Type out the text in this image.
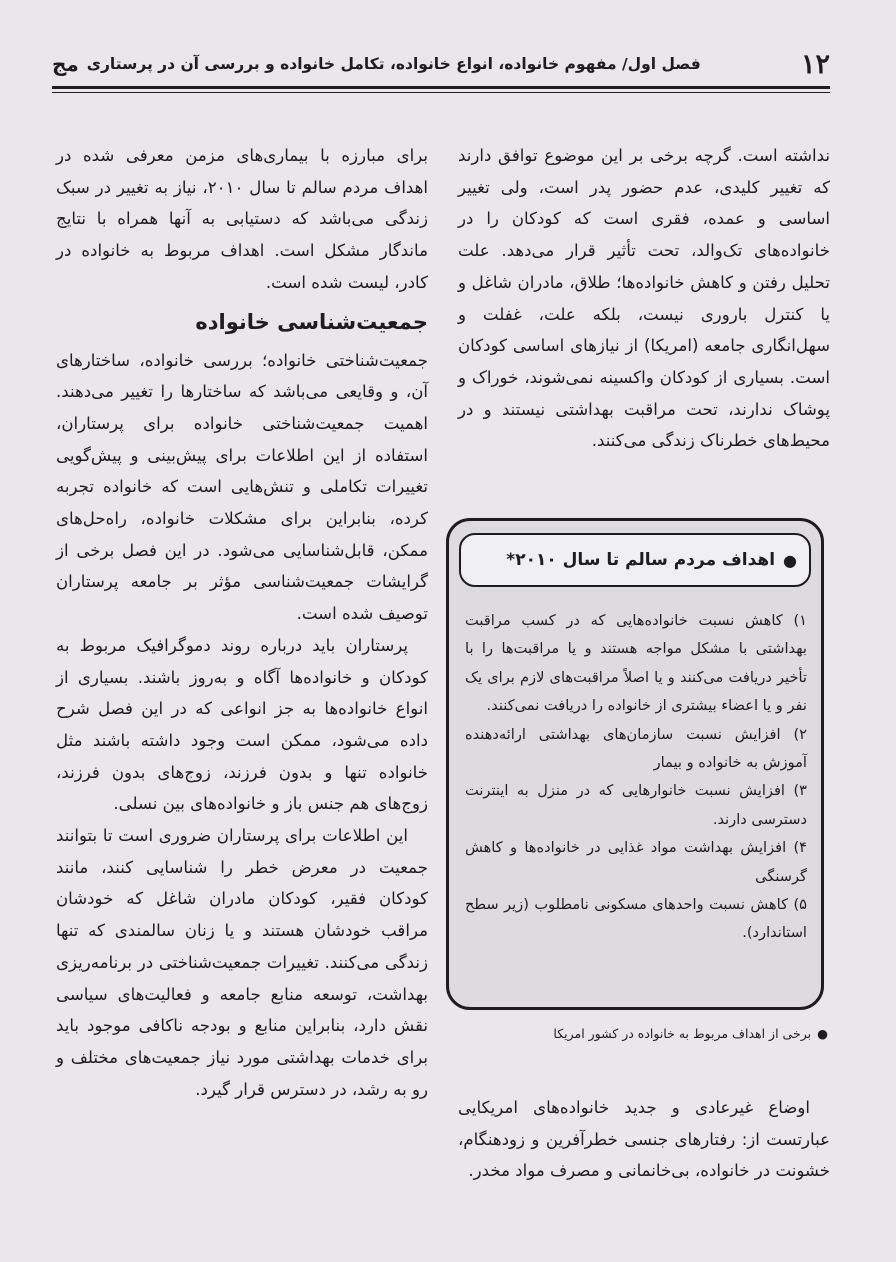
۱۲
فصل اول/ مفهوم خانواده، انواع خانواده، تکامل خانواده و بررسی آن در پرستاری
مج

نداشته است. گرچه برخی بر این موضوع توافق دارند که تغییر کلیدی، عدم حضور پدر است، ولی تغییر اساسی و عمده، فقری است که کودکان را در خانواده‌های تک‌والد، تحت تأثیر قرار می‌دهد. علت تحلیل رفتن و کاهش خانواده‌ها؛ طلاق، مادران شاغل و یا کنترل باروری نیست، بلکه علت، غفلت و سهل‌انگاری جامعه (امریکا) از نیازهای اساسی کودکان است. بسیاری از کودکان واکسینه نمی‌شوند، خوراک و پوشاک ندارند، تحت مراقبت بهداشتی نیستند و در محیط‌های خطرناک زندگی می‌کنند.

●
اهداف مردم سالم تا سال ۲۰۱۰*
۱) کاهش نسبت خانواده‌هایی که در کسب مراقبت بهداشتی با مشکل مواجه هستند و یا مراقبت‌ها را با تأخیر دریافت می‌کنند و یا اصلاً مراقبت‌های لازم برای یک نفر و یا اعضاء بیشتری از خانواده را دریافت نمی‌کنند.
۲) افزایش نسبت سازمان‌های بهداشتی ارائه‌دهنده آموزش به خانواده و بیمار
۳) افزایش نسبت خانوارهایی که در منزل به اینترنت دسترسی دارند.
۴) افزایش بهداشت مواد غذایی در خانواده‌ها و کاهش گرسنگی
۵) کاهش نسبت واحدهای مسکونی نامطلوب (زیر سطح استاندارد).
●
برخی از اهداف مربوط به خانواده در کشور امریکا

اوضاع غیرعادی و جدید خانواده‌های امریکایی عبارتست از: رفتارهای جنسی خطرآفرین و زودهنگام، خشونت در خانواده، بی‌خانمانی و مصرف مواد مخدر.

برای مبارزه با بیماری‌های مزمن معرفی شده در اهداف مردم سالم تا سال ۲۰۱۰، نیاز به تغییر در سبک زندگی می‌باشد که دستیابی به آنها همراه با نتایج ماندگار مشکل است. اهداف مربوط به خانواده در کادر، لیست شده است.

جمعیت‌شناسی خانواده

جمعیت‌شناختی خانواده؛ بررسی خانواده، ساختارهای آن، و وقایعی می‌باشد که ساختارها را تغییر می‌دهند. اهمیت جمعیت‌شناختی خانواده برای پرستاران، استفاده از این اطلاعات برای پیش‌بینی و پیش‌گویی تغییرات تکاملی و تنش‌هایی است که خانواده تجربه کرده، بنابراین برای مشکلات خانواده، راه‌حل‌های ممکن، قابل‌شناسایی می‌شود. در این فصل برخی از گرایشات جمعیت‌شناسی مؤثر بر جامعه پرستاران توصیف شده است.

پرستاران باید درباره روند دموگرافیک مربوط به کودکان و خانواده‌ها آگاه و به‌روز باشند. بسیاری از انواع خانواده‌ها به جز انواعی که در این فصل شرح داده می‌شود، ممکن است وجود داشته باشند مثل خانواده تنها و بدون فرزند، زوج‌های بدون فرزند، زوج‌های هم جنس باز و خانواده‌های بین نسلی.

این اطلاعات برای پرستاران ضروری است تا بتوانند جمعیت در معرض خطر را شناسایی کنند، مانند کودکان فقیر، کودکان مادران شاغل که خودشان مراقب خودشان هستند و یا زنان سالمندی که تنها زندگی می‌کنند. تغییرات جمعیت‌شناختی در برنامه‌ریزی بهداشت، توسعه منابع جامعه و فعالیت‌های سیاسی نقش دارد، بنابراین منابع و بودجه ناکافی موجود باید برای خدمات بهداشتی مورد نیاز جمعیت‌های مختلف و رو به رشد، در دسترس قرار گیرد.
